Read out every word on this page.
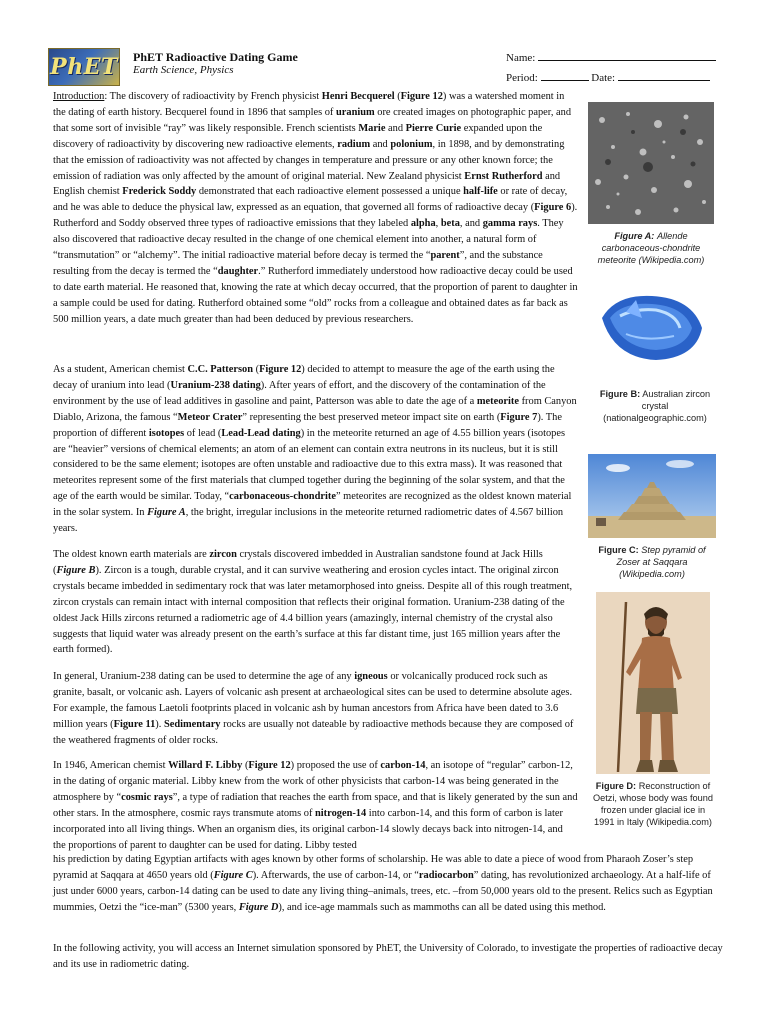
PhET PhET Radioactive Dating Game
Earth Science, Physics
Name:
Period:	Date:
Figure A: Allende carbonaceous-chondrite meteorite (Wikipedia.com)
Figure B: Australian zircon crystal (nationalgeographic.com)
Figure C: Step pyramid of Zoser at Saqqara (Wikipedia.com)
Figure D: Reconstruction of Oetzi, whose body was found frozen under glacial ice in 1991 in Italy (Wikipedia.com)

Introduction: The discovery of radioactivity by French physicist Henri Becquerel (Figure 12) was a watershed moment in the dating of earth history. Becquerel found in 1896 that samples of uranium ore created images on photographic paper, and that some sort of invisible “ray” was likely responsible. French scientists Marie and Pierre Curie expanded upon the discovery of radioactivity by discovering new radioactive elements, radium and polonium, in 1898, and by demonstrating that the emission of radioactivity was not affected by changes in temperature and pressure or any other known force; the emission of radiation was only affected by the amount of original material. New Zealand physicist Ernst Rutherford and English chemist Frederick Soddy demonstrated that each radioactive element possessed a unique half-life or rate of decay, and he was able to deduce the physical law, expressed as an equation, that governed all forms of radioactive decay (Figure 6). Rutherford and Soddy observed three types of radioactive emissions that they labeled alpha, beta, and gamma rays. They also discovered that radioactive decay resulted in the change of one chemical element into another, a natural form of “transmutation” or “alchemy”. The initial radioactive material before decay is termed the “parent”, and the substance resulting from the decay is termed the “daughter.” Rutherford immediately understood how radioactive decay could be used to date earth material. He reasoned that, knowing the rate at which decay occurred, that the proportion of parent to daughter in a sample could be used for dating. Rutherford obtained some “old” rocks from a colleague and obtained dates as far back as 500 million years, a date much greater than had been deduced by previous researchers.

As a student, American chemist C.C. Patterson (Figure 12) decided to attempt to measure the age of the earth using the decay of uranium into lead (Uranium-238 dating). After years of effort, and the discovery of the contamination of the environment by the use of lead additives in gasoline and paint, Patterson was able to date the age of a meteorite from Canyon Diablo, Arizona, the famous “Meteor Crater” representing the best preserved meteor impact site on earth (Figure 7). The proportion of different isotopes of lead (Lead-Lead dating) in the meteorite returned an age of 4.55 billion years (isotopes are “heavier” versions of chemical elements; an atom of an element can contain extra neutrons in its nucleus, but it is still considered to be the same element; isotopes are often unstable and radioactive due to this extra mass). It was reasoned that meteorites represent some of the first materials that clumped together during the beginning of the solar system, and that the age of the earth would be similar. Today, “carbonaceous-chondrite” meteorites are recognized as the oldest known material in the solar system. In Figure A, the bright, irregular inclusions in the meteorite returned radiometric dates of 4.567 billion years.

The oldest known earth materials are zircon crystals discovered imbedded in Australian sandstone found at Jack Hills (Figure B). Zircon is a tough, durable crystal, and it can survive weathering and erosion cycles intact. The original zircon crystals became imbedded in sedimentary rock that was later metamorphosed into gneiss. Despite all of this rough treatment, zircon crystals can remain intact with internal composition that reflects their original formation. Uranium-238 dating of the oldest Jack Hills zircons returned a radiometric age of 4.4 billion years (amazingly, internal chemistry of the crystal also suggests that liquid water was already present on the earth’s surface at this far distant time, just 165 million years after the earth formed).

In general, Uranium-238 dating can be used to determine the age of any igneous or volcanically produced rock such as granite, basalt, or volcanic ash. Layers of volcanic ash present at archaeological sites can be used to determine absolute ages. For example, the famous Laetoli footprints placed in volcanic ash by human ancestors from Africa have been dated to 3.6 million years (Figure 11). Sedimentary rocks are usually not dateable by radioactive methods because they are composed of the weathered fragments of older rocks.

In 1946, American chemist Willard F. Libby (Figure 12) proposed the use of carbon-14, an isotope of “regular” carbon-12, in the dating of organic material. Libby knew from the work of other physicists that carbon-14 was being generated in the atmosphere by “cosmic rays”, a type of radiation that reaches the earth from space, and that is likely generated by the sun and other stars. In the atmosphere, cosmic rays transmute atoms of nitrogen-14 into carbon-14, and this form of carbon is later incorporated into all living things. When an organism dies, its original carbon-14 slowly decays back into nitrogen-14, and the proportions of parent to daughter can be used for dating. Libby tested

his prediction by dating Egyptian artifacts with ages known by other forms of scholarship. He was able to date a piece of wood from Pharaoh Zoser’s step pyramid at Saqqara at 4650 years old (Figure C). Afterwards, the use of carbon-14, or “radiocarbon” dating, has revolutionized archaeology. At a half-life of just under 6000 years, carbon-14 dating can be used to date any living thing–animals, trees, etc. –from 50,000 years old to the present. Relics such as Egyptian mummies, Oetzi the “ice-man” (5300 years, Figure D), and ice-age mammals such as mammoths can all be dated using this method.

In the following activity, you will access an Internet simulation sponsored by PhET, the University of Colorado, to investigate the properties of radioactive decay and its use in radiometric dating.
